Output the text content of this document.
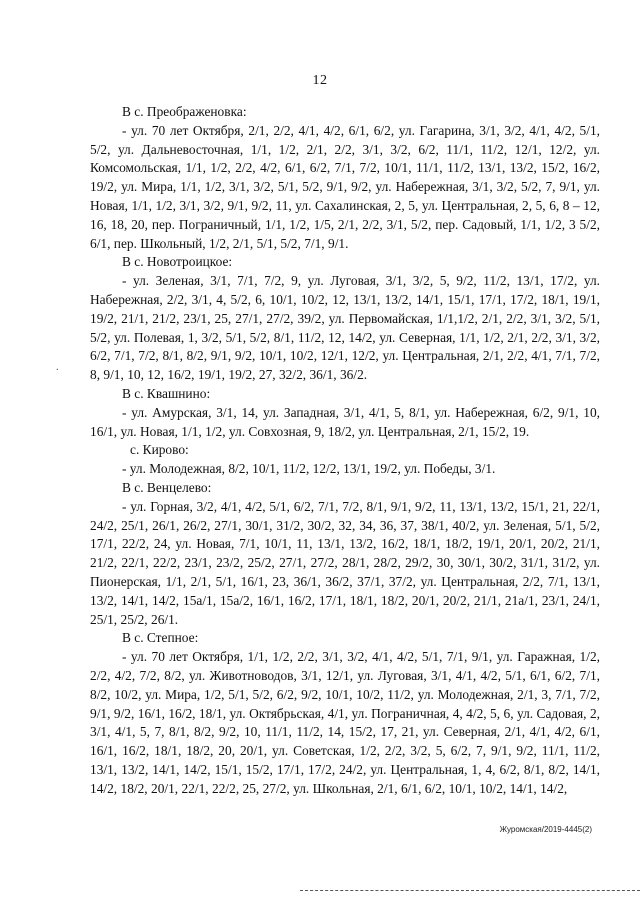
12

В с. Преображеновка:

- ул. 70 лет Октября, 2/1, 2/2, 4/1, 4/2, 6/1, 6/2, ул. Гагарина, 3/1, 3/2, 4/1, 4/2, 5/1, 5/2, ул. Дальневосточная, 1/1, 1/2, 2/1, 2/2, 3/1, 3/2, 6/2, 11/1, 11/2, 12/1, 12/2, ул. Комсомольская, 1/1, 1/2, 2/2, 4/2, 6/1, 6/2, 7/1, 7/2, 10/1, 11/1, 11/2, 13/1, 13/2, 15/2, 16/2, 19/2, ул. Мира, 1/1, 1/2, 3/1, 3/2, 5/1, 5/2, 9/1, 9/2, ул. Набережная, 3/1, 3/2, 5/2, 7, 9/1, ул. Новая, 1/1, 1/2, 3/1, 3/2, 9/1, 9/2, 11, ул. Сахалинская, 2, 5, ул. Центральная, 2, 5, 6, 8 – 12, 16, 18, 20, пер. Пограничный, 1/1, 1/2, 1/5, 2/1, 2/2, 3/1, 5/2, пер. Садовый, 1/1, 1/2, 3 5/2, 6/1, пер. Школьный, 1/2, 2/1, 5/1, 5/2, 7/1, 9/1.

В с. Новотроицкое:

- ул. Зеленая, 3/1, 7/1, 7/2, 9, ул. Луговая, 3/1, 3/2, 5, 9/2, 11/2, 13/1, 17/2, ул. Набережная, 2/2, 3/1, 4, 5/2, 6, 10/1, 10/2, 12, 13/1, 13/2, 14/1, 15/1, 17/1, 17/2, 18/1, 19/1, 19/2, 21/1, 21/2, 23/1, 25, 27/1, 27/2, 39/2, ул. Первомайская, 1/1,1/2, 2/1, 2/2, 3/1, 3/2, 5/1, 5/2, ул. Полевая, 1, 3/2, 5/1, 5/2, 8/1, 11/2, 12, 14/2, ул. Северная, 1/1, 1/2, 2/1, 2/2, 3/1, 3/2, 6/2, 7/1, 7/2, 8/1, 8/2, 9/1, 9/2, 10/1, 10/2, 12/1, 12/2, ул. Центральная, 2/1, 2/2, 4/1, 7/1, 7/2, 8, 9/1, 10, 12, 16/2, 19/1, 19/2, 27, 32/2, 36/1, 36/2.

В с. Квашнино:

- ул. Амурская, 3/1, 14, ул. Западная, 3/1, 4/1, 5, 8/1, ул. Набережная, 6/2, 9/1, 10, 16/1, ул. Новая, 1/1, 1/2, ул. Совхозная, 9, 18/2, ул. Центральная, 2/1, 15/2, 19.

с. Кирово:

- ул. Молодежная, 8/2, 10/1, 11/2, 12/2, 13/1, 19/2, ул. Победы, 3/1.

В с. Венцелево:

- ул. Горная, 3/2, 4/1, 4/2, 5/1, 6/2, 7/1, 7/2, 8/1, 9/1, 9/2, 11, 13/1, 13/2, 15/1, 21, 22/1, 24/2, 25/1, 26/1, 26/2, 27/1, 30/1, 31/2, 30/2, 32, 34, 36, 37, 38/1, 40/2, ул. Зеленая, 5/1, 5/2, 17/1, 22/2, 24, ул. Новая, 7/1, 10/1, 11, 13/1, 13/2, 16/2, 18/1, 18/2, 19/1, 20/1, 20/2, 21/1, 21/2, 22/1, 22/2, 23/1, 23/2, 25/2, 27/1, 27/2, 28/1, 28/2, 29/2, 30, 30/1, 30/2, 31/1, 31/2, ул. Пионерская, 1/1, 2/1, 5/1, 16/1, 23, 36/1, 36/2, 37/1, 37/2, ул. Центральная, 2/2, 7/1, 13/1, 13/2, 14/1, 14/2, 15а/1, 15а/2, 16/1, 16/2, 17/1, 18/1, 18/2, 20/1, 20/2, 21/1, 21а/1, 23/1, 24/1, 25/1, 25/2, 26/1.

В с. Степное:

- ул. 70 лет Октября, 1/1, 1/2, 2/2, 3/1, 3/2, 4/1, 4/2, 5/1, 7/1, 9/1, ул. Гаражная, 1/2, 2/2, 4/2, 7/2, 8/2, ул. Животноводов, 3/1, 12/1, ул. Луговая, 3/1, 4/1, 4/2, 5/1, 6/1, 6/2, 7/1, 8/2, 10/2, ул. Мира, 1/2, 5/1, 5/2, 6/2, 9/2, 10/1, 10/2, 11/2, ул. Молодежная, 2/1, 3, 7/1, 7/2, 9/1, 9/2, 16/1, 16/2, 18/1, ул. Октябрьская, 4/1, ул. Пограничная, 4, 4/2, 5, 6, ул. Садовая, 2, 3/1, 4/1, 5, 7, 8/1, 8/2, 9/2, 10, 11/1, 11/2, 14, 15/2, 17, 21, ул. Северная, 2/1, 4/1, 4/2, 6/1, 16/1, 16/2, 18/1, 18/2, 20, 20/1, ул. Советская, 1/2, 2/2, 3/2, 5, 6/2, 7, 9/1, 9/2, 11/1, 11/2, 13/1, 13/2, 14/1, 14/2, 15/1, 15/2, 17/1, 17/2, 24/2, ул. Центральная, 1, 4, 6/2, 8/1, 8/2, 14/1, 14/2, 18/2, 20/1, 22/1, 22/2, 25, 27/2, ул. Школьная, 2/1, 6/1, 6/2, 10/1, 10/2, 14/1, 14/2,

.
Журомская/2019-4445(2)
